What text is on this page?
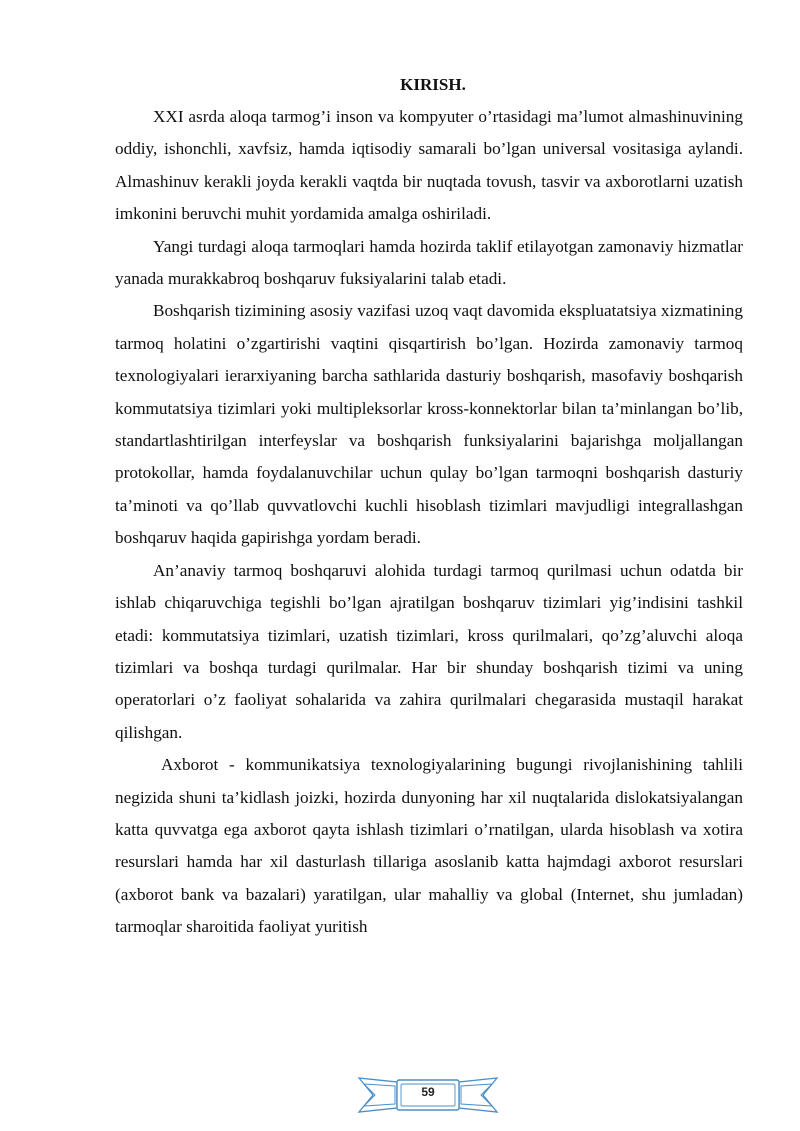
KIRISH.

XXI asrda aloqa tarmog’i inson va kompyuter o’rtasidagi ma’lumot almashinuvining oddiy, ishonchli, xavfsiz, hamda iqtisodiy samarali bo’lgan universal vositasiga aylandi. Almashinuv kerakli joyda kerakli vaqtda bir nuqtada tovush, tasvir va axborotlarni uzatish imkonini beruvchi muhit yordamida amalga oshiriladi.

Yangi turdagi aloqa tarmoqlari hamda hozirda taklif etilayotgan zamonaviy hizmatlar yanada murakkabroq boshqaruv fuksiyalarini talab etadi.

Boshqarish tizimining asosiy vazifasi uzoq vaqt davomida ekspluatatsiya xizmatining tarmoq holatini o’zgartirishi vaqtini qisqartirish bo’lgan. Hozirda zamonaviy tarmoq texnologiyalari ierarxiyaning barcha sathlarida dasturiy boshqarish, masofaviy boshqarish kommutatsiya tizimlari yoki multipleksorlar kross-konnektorlar bilan ta’minlangan bo’lib, standartlashtirilgan interfeyslar va boshqarish funksiyalarini bajarishga moljallangan protokollar, hamda foydalanuvchilar uchun qulay bo’lgan tarmoqni boshqarish dasturiy ta’minoti va qo’llab quvvatlovchi kuchli hisoblash tizimlari mavjudligi integrallashgan boshqaruv haqida gapirishga yordam beradi.

An’anaviy tarmoq boshqaruvi alohida turdagi tarmoq qurilmasi uchun odatda bir ishlab chiqaruvchiga tegishli bo’lgan ajratilgan boshqaruv tizimlari yig’indisini tashkil etadi: kommutatsiya tizimlari, uzatish tizimlari, kross qurilmalari, qo’zg’aluvchi aloqa tizimlari va boshqa turdagi qurilmalar. Har bir shunday boshqarish tizimi va uning operatorlari o’z faoliyat sohalarida va zahira qurilmalari chegarasida mustaqil harakat qilishgan.

Axborot - kommunikatsiya texnologiyalarining bugungi rivojlanishining tahlili negizida shuni ta’kidlash joizki, hozirda dunyoning har xil nuqtalarida dislokatsiyalangan katta quvvatga ega axborot qayta ishlash tizimlari o’rnatilgan, ularda hisoblash va xotira resurslari hamda har xil dasturlash tillariga asoslanib katta hajmdagi axborot resurslari (axborot bank va bazalari) yaratilgan, ular mahalliy va global (Internet, shu jumladan) tarmoqlar sharoitida faoliyat yuritish

59
